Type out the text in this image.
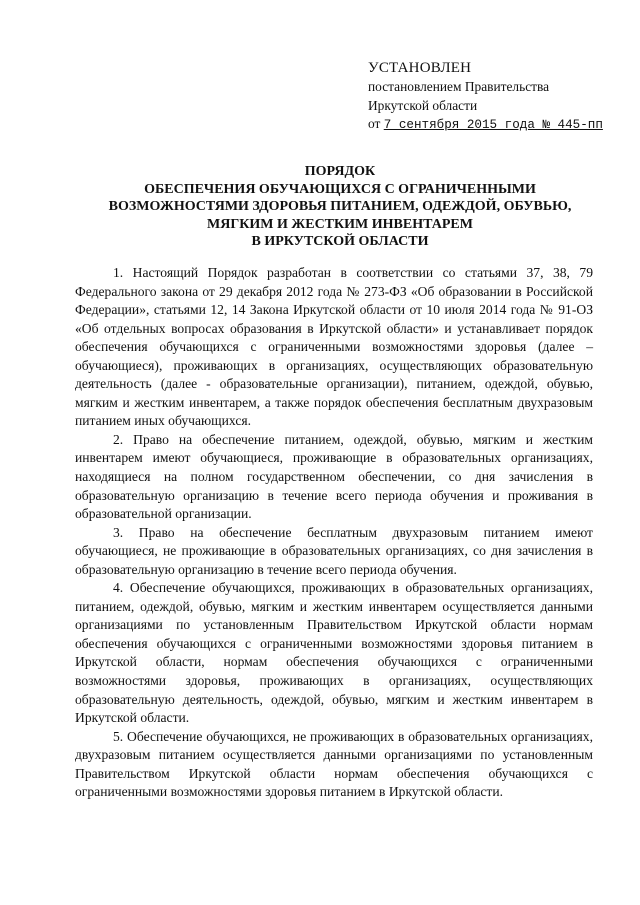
УСТАНОВЛЕН
постановлением Правительства
Иркутской области
от 7 сентября 2015 года № 445-пп
ПОРЯДОК
ОБЕСПЕЧЕНИЯ ОБУЧАЮЩИХСЯ С ОГРАНИЧЕННЫМИ
ВОЗМОЖНОСТЯМИ ЗДОРОВЬЯ ПИТАНИЕМ, ОДЕЖДОЙ, ОБУВЬЮ,
МЯГКИМ И ЖЕСТКИМ ИНВЕНТАРЕМ
В ИРКУТСКОЙ ОБЛАСТИ

1. Настоящий Порядок разработан в соответствии со статьями 37, 38, 79 Федерального закона от 29 декабря 2012 года № 273-ФЗ «Об образовании в Российской Федерации», статьями 12, 14 Закона Иркутской области от 10 июля 2014 года № 91-ОЗ «Об отдельных вопросах образования в Иркутской области» и устанавливает порядок обеспечения обучающихся с ограниченными возможностями здоровья (далее – обучающиеся), проживающих в организациях, осуществляющих образовательную деятельность (далее - образовательные организации), питанием, одеждой, обувью, мягким и жестким инвентарем, а также порядок обеспечения бесплатным двухразовым питанием иных обучающихся.

2. Право на обеспечение питанием, одеждой, обувью, мягким и жестким инвентарем имеют обучающиеся, проживающие в образовательных организациях, находящиеся на полном государственном обеспечении, со дня зачисления в образовательную организацию в течение всего периода обучения и проживания в образовательной организации.

3. Право на обеспечение бесплатным двухразовым питанием имеют обучающиеся, не проживающие в образовательных организациях, со дня зачисления в образовательную организацию в течение всего периода обучения.

4. Обеспечение обучающихся, проживающих в образовательных организациях, питанием, одеждой, обувью, мягким и жестким инвентарем осуществляется данными организациями по установленным Правительством Иркутской области нормам обеспечения обучающихся с ограниченными возможностями здоровья питанием в Иркутской области, нормам обеспечения обучающихся с ограниченными возможностями здоровья, проживающих в организациях, осуществляющих образовательную деятельность, одеждой, обувью, мягким и жестким инвентарем в Иркутской области.

5. Обеспечение обучающихся, не проживающих в образовательных организациях, двухразовым питанием осуществляется данными организациями по установленным Правительством Иркутской области нормам обеспечения обучающихся с ограниченными возможностями здоровья питанием в Иркутской области.
